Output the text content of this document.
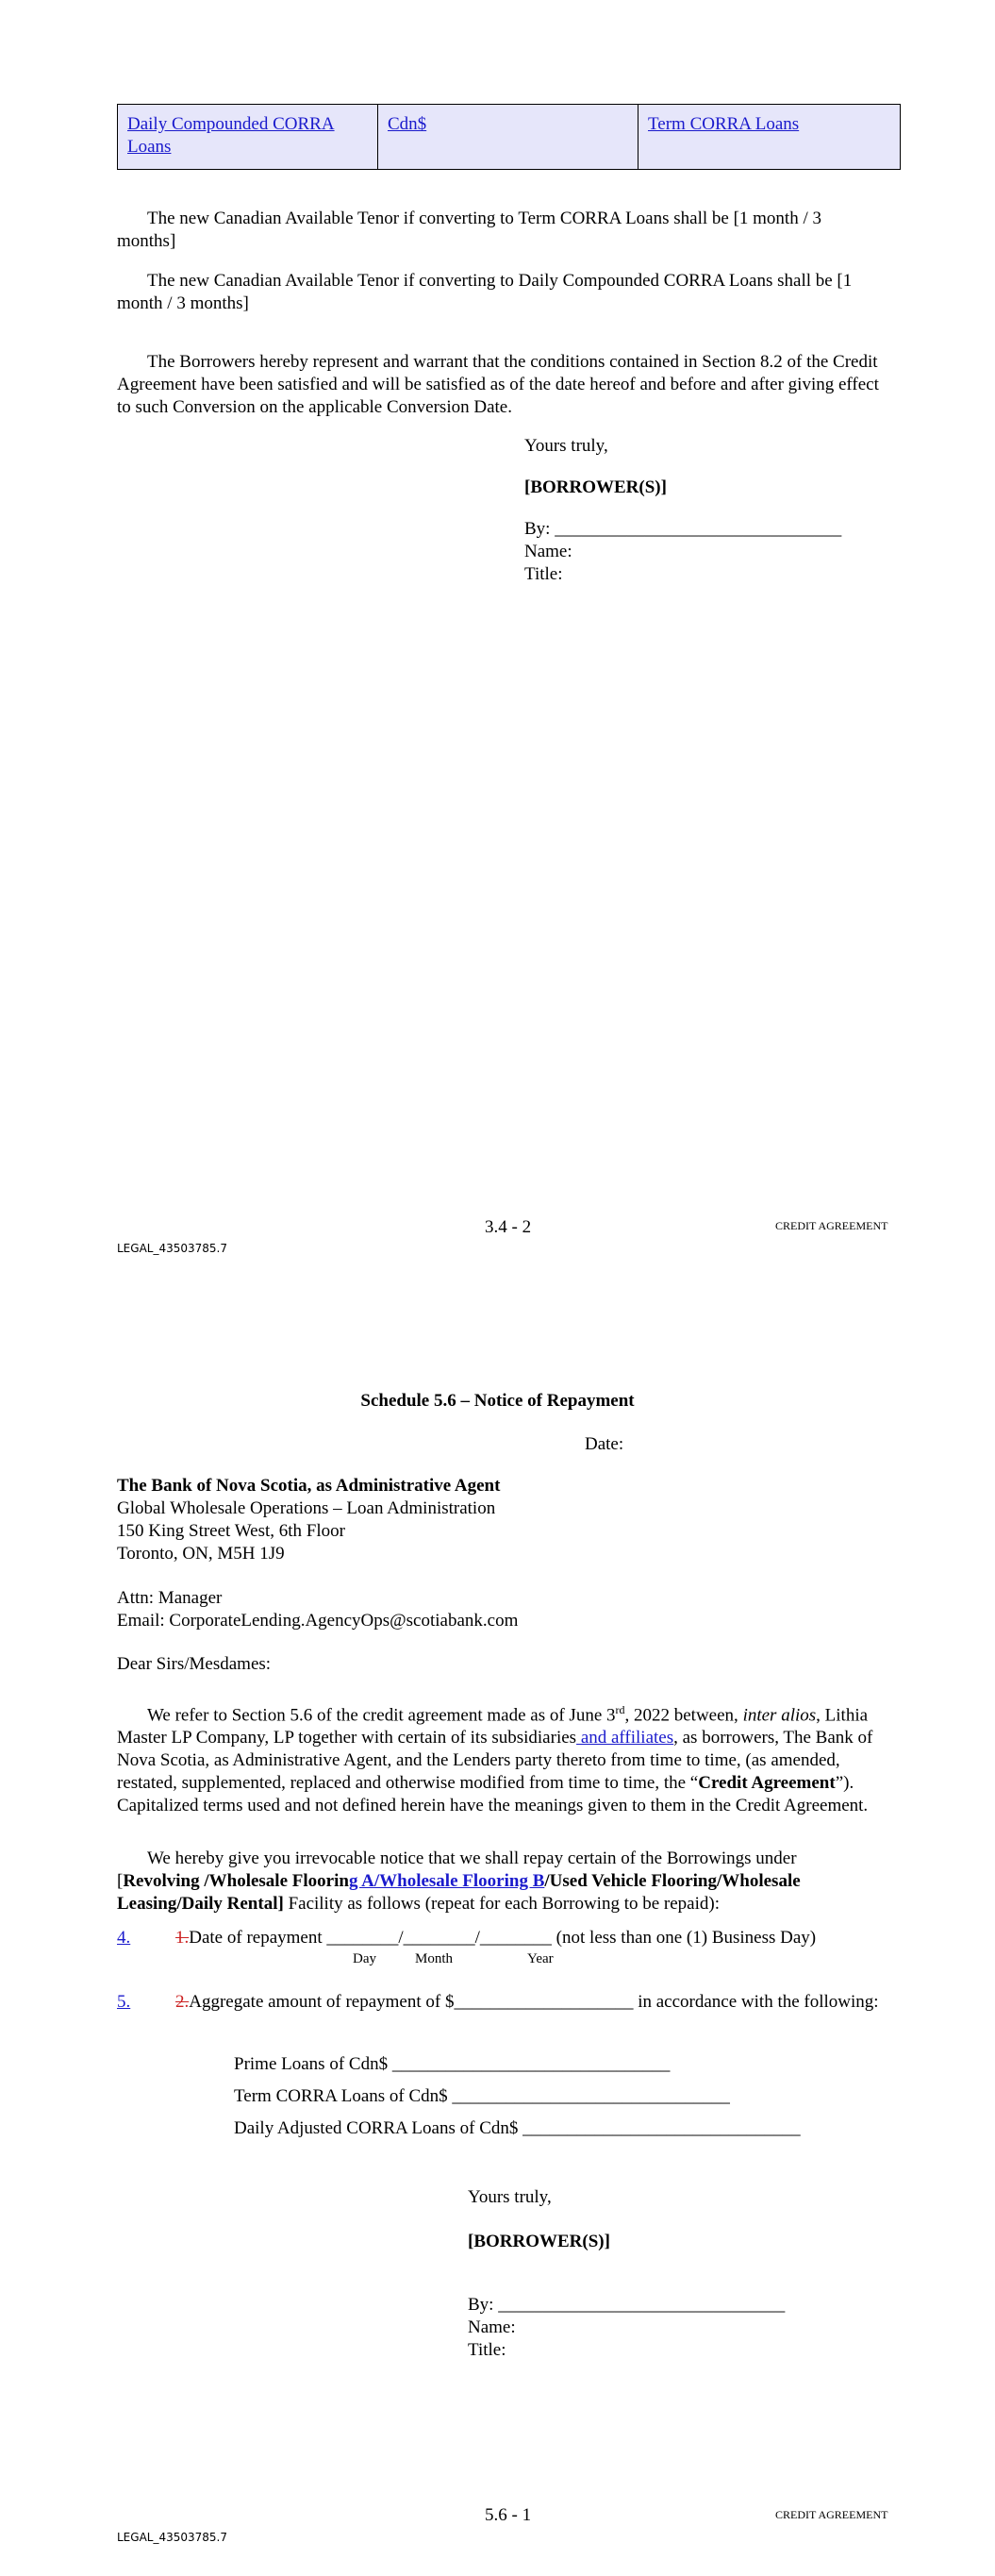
Daily Compounded CORRA Loans	Cdn$	Term CORRA Loans
The new Canadian Available Tenor if converting to Term CORRA Loans shall be [1 month / 3 months]
The new Canadian Available Tenor if converting to Daily Compounded CORRA Loans shall be [1 month / 3 months]
The Borrowers hereby represent and warrant that the conditions contained in Section 8.2 of the Credit Agreement have been satisfied and will be satisfied as of the date hereof and before and after giving effect to such Conversion on the applicable Conversion Date.
Yours truly,
[BORROWER(S)]
By: ________________________________
Name:
Title:
3.4 - 2	CREDIT AGREEMENT
LEGAL_43503785.7
Schedule 5.6 – Notice of Repayment
Date:
The Bank of Nova Scotia, as Administrative Agent
Global Wholesale Operations – Loan Administration
150 King Street West, 6th Floor
Toronto, ON, M5H 1J9
Attn: Manager
Email: CorporateLending.AgencyOps@scotiabank.com
Dear Sirs/Mesdames:
We refer to Section 5.6 of the credit agreement made as of June 3rd, 2022 between, inter alios, Lithia Master LP Company, LP together with certain of its subsidiaries and affiliates, as borrowers, The Bank of Nova Scotia, as Administrative Agent, and the Lenders party thereto from time to time, (as amended, restated, supplemented, replaced and otherwise modified from time to time, the “Credit Agreement”). Capitalized terms used and not defined herein have the meanings given to them in the Credit Agreement.
We hereby give you irrevocable notice that we shall repay certain of the Borrowings under [Revolving /Wholesale Flooring A/Wholesale Flooring B/Used Vehicle Flooring/Wholesale Leasing/Daily Rental] Facility as follows (repeat for each Borrowing to be repaid):
4.	1.Date of repayment ________/________/________ (not less than one (1) Business Day)
Day	Month	Year
5.	2.Aggregate amount of repayment of $____________________ in accordance with the following:
Prime Loans of Cdn$ _______________________________
Term CORRA Loans of Cdn$ _______________________________
Daily Adjusted CORRA Loans of Cdn$ _______________________________
Yours truly,
[BORROWER(S)]
By: ________________________________
Name:
Title:
5.6 - 1	CREDIT AGREEMENT
LEGAL_43503785.7
